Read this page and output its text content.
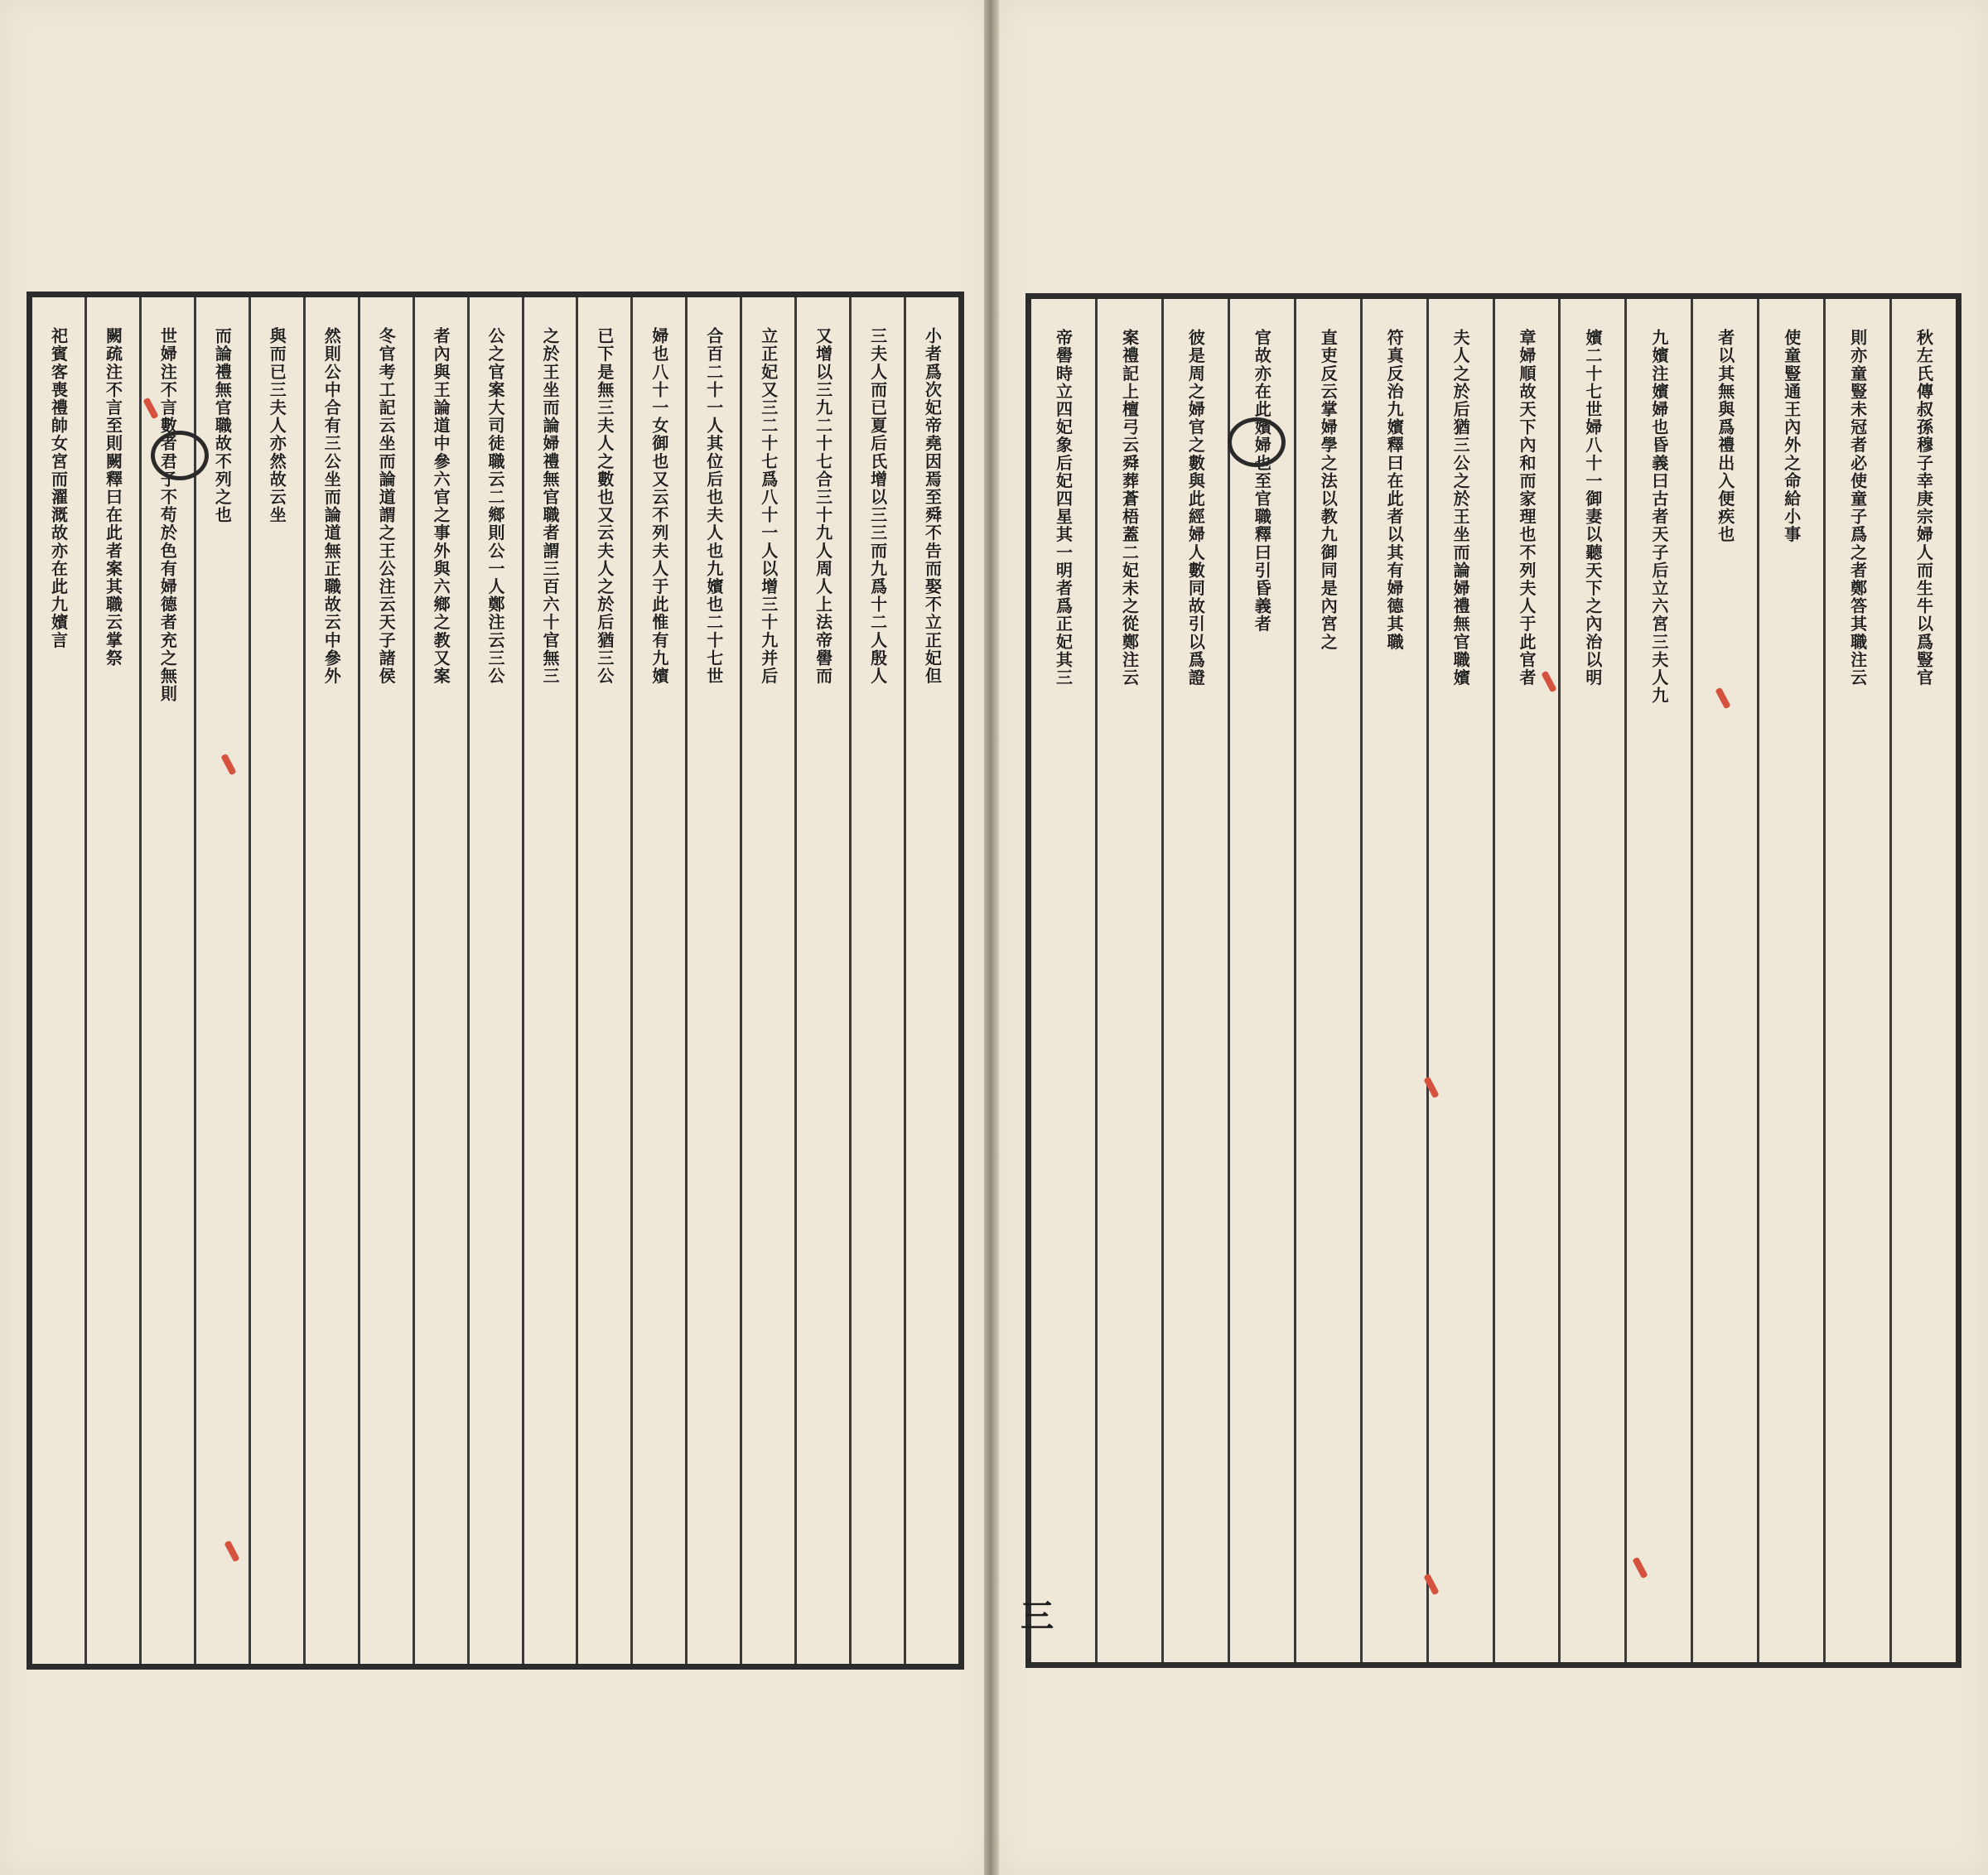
秋左氏傳叔孫穆子幸庚宗婦人而生牛以爲豎官
則亦童豎未冠者必使童子爲之者鄭答其職注云
使童豎通王內外之命給小事
者以其無與爲禮出入便疾也
九嬪注嬪婦也昏義曰古者天子后立六宮三夫人九
嬪二十七世婦八十一御妻以聽天下之內治以明
章婦順故天下內和而家理也不列夫人于此官者
夫人之於后猶三公之於王坐而論婦禮無官職嬪
符真反治九嬪釋曰在此者以其有婦德其職
直吏反云掌婦學之法以教九御同是內宮之
官故亦在此嬪婦也至官職釋曰引昏義者
彼是周之婦官之數與此經婦人數同故引以爲證
案禮記上檀弓云舜葬蒼梧蓋二妃未之從鄭注云
帝嚳時立四妃象后妃四星其一明者爲正妃其三
三
小者爲次妃帝堯因焉至舜不告而娶不立正妃但
三夫人而已夏后氏增以三三而九爲十二人殷人
又增以三九二十七合三十九人周人上法帝嚳而
立正妃又三二十七爲八十一人以增三十九并后
合百二十一人其位后也夫人也九嬪也二十七世
婦也八十一女御也又云不列夫人于此惟有九嬪
已下是無三夫人之數也又云夫人之於后猶三公
之於王坐而論婦禮無官職者謂三百六十官無三
公之官案大司徒職云二鄉則公一人鄭注云三公
者內與王論道中參六官之事外與六鄉之教又案
冬官考工記云坐而論道謂之王公注云天子諸侯
然則公中合有三公坐而論道無正職故云中參外
與而已三夫人亦然故云坐
而論禮無官職故不列之也
世婦注不言數者君子不苟於色有婦德者充之無則
闕疏注不言至則闕釋曰在此者案其職云掌祭
祀賓客喪禮帥女宮而濯溉故亦在此九嬪言
